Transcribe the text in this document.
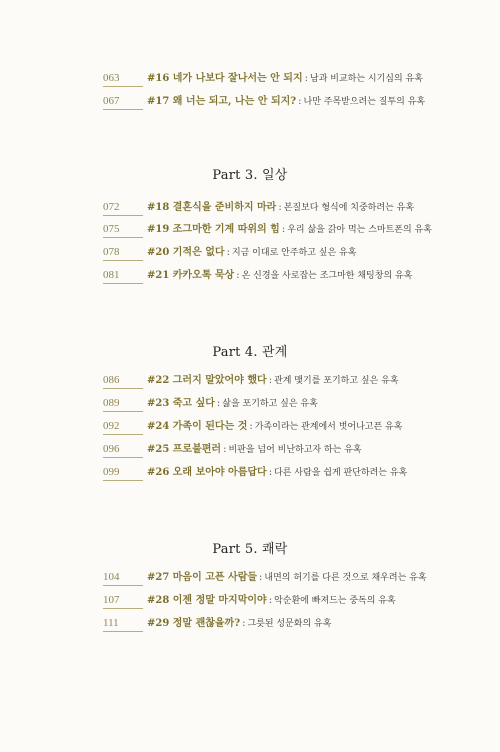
063	#16 네가 나보다 잘나서는 안 되지 : 남과 비교하는 시기심의 유혹
067	#17 왜 너는 되고, 나는 안 되지? : 나만 주목받으려는 질투의 유혹
Part 3. 일상
072	#18 결혼식을 준비하지 마라 : 본질보다 형식에 치중하려는 유혹
075	#19 조그마한 기계 따위의 힘 : 우리 삶을 갉아 먹는 스마트폰의 유혹
078	#20 기적은 없다 : 지금 이대로 안주하고 싶은 유혹
081	#21 카카오톡 묵상 : 온 신경을 사로잡는 조그마한 채팅창의 유혹
Part 4. 관계
086	#22 그러지 말았어야 했다 : 관계 맺기를 포기하고 싶은 유혹
089	#23 죽고 싶다 : 삶을 포기하고 싶은 유혹
092	#24 가족이 된다는 것 : 가족이라는 관계에서 벗어나고픈 유혹
096	#25 프로불편러 : 비판을 넘어 비난하고자 하는 유혹
099	#26 오래 보아야 아름답다 : 다른 사람을 쉽게 판단하려는 유혹
Part 5. 쾌락
104	#27 마음이 고픈 사람들 : 내면의 허기를 다른 것으로 채우려는 유혹
107	#28 이젠 정말 마지막이야 : 악순환에 빠져드는 중독의 유혹
111	#29 정말 괜찮을까? : 그릇된 성문화의 유혹
